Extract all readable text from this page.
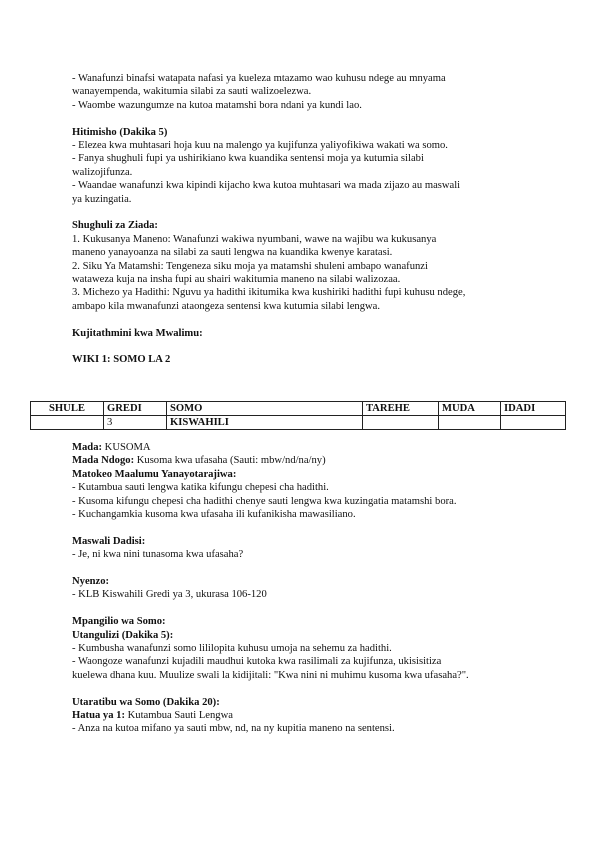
- Wanafunzi binafsi watapata nafasi ya kueleza mtazamo wao kuhusu ndege au mnyama

wanayempenda, wakitumia silabi za sauti walizoelezwa.

- Waombe wazungumze na kutoa matamshi bora ndani ya kundi lao.

Hitimisho (Dakika 5)

- Elezea kwa muhtasari hoja kuu na malengo ya kujifunza yaliyofikiwa wakati wa somo.

- Fanya shughuli fupi ya ushirikiano kwa kuandika sentensi moja ya kutumia silabi

walizojifunza.

- Waandae wanafunzi kwa kipindi kijacho kwa kutoa muhtasari wa mada zijazo au maswali

ya kuzingatia.

Shughuli za Ziada:

1. Kukusanya Maneno: Wanafunzi wakiwa nyumbani, wawe na wajibu wa kukusanya

maneno yanayoanza na silabi za sauti lengwa na kuandika kwenye karatasi.

2. Siku Ya Matamshi: Tengeneza siku moja ya matamshi shuleni ambapo wanafunzi

watawezа kuja na insha fupi au shairi wakitumia maneno na silabi walizozaa.

3. Michezo ya Hadithi: Nguvu ya hadithi ikitumika kwa kushiriki hadithi fupi kuhusu ndege,

ambapo kila mwanafunzi ataongeza sentensi kwa kutumia silabi lengwa.

Kujitathmini kwa Mwalimu:

WIKI 1: SOMO LA 2

SHULE	GREDI	SOMO	TAREHE	MUDA	IDADI
	3	KISWAHILI			

Mada: KUSOMA

Mada Ndogo: Kusoma kwa ufasaha (Sauti: mbw/nd/na/ny)

Matokeo Maalumu Yanayotarajiwa:

- Kutambua sauti lengwa katika kifungu chepesi cha hadithi.

- Kusoma kifungu chepesi cha hadithi chenye sauti lengwa kwa kuzingatia matamshi bora.

- Kuchangamkia kusoma kwa ufasaha ili kufanikisha mawasiliano.

Maswali Dadisi:

- Je, ni kwa nini tunasoma kwa ufasaha?

Nyenzo:

- KLB Kiswahili Gredi ya 3, ukurasa 106-120

Mpangilio wa Somo:

Utangulizi (Dakika 5):

- Kumbusha wanafunzi somo lililopita kuhusu umoja na sehemu za hadithi.

- Waongoze wanafunzi kujadili maudhui kutoka kwa rasilimali za kujifunza, ukisisitiza

kuelewa dhana kuu. Muulize swali la kidijitali: "Kwa nini ni muhimu kusoma kwa ufasaha?".

Utaratibu wa Somo (Dakika 20):

Hatua ya 1: Kutambua Sauti Lengwa

- Anza na kutoa mifano ya sauti mbw, nd, na ny kupitia maneno na sentensi.
